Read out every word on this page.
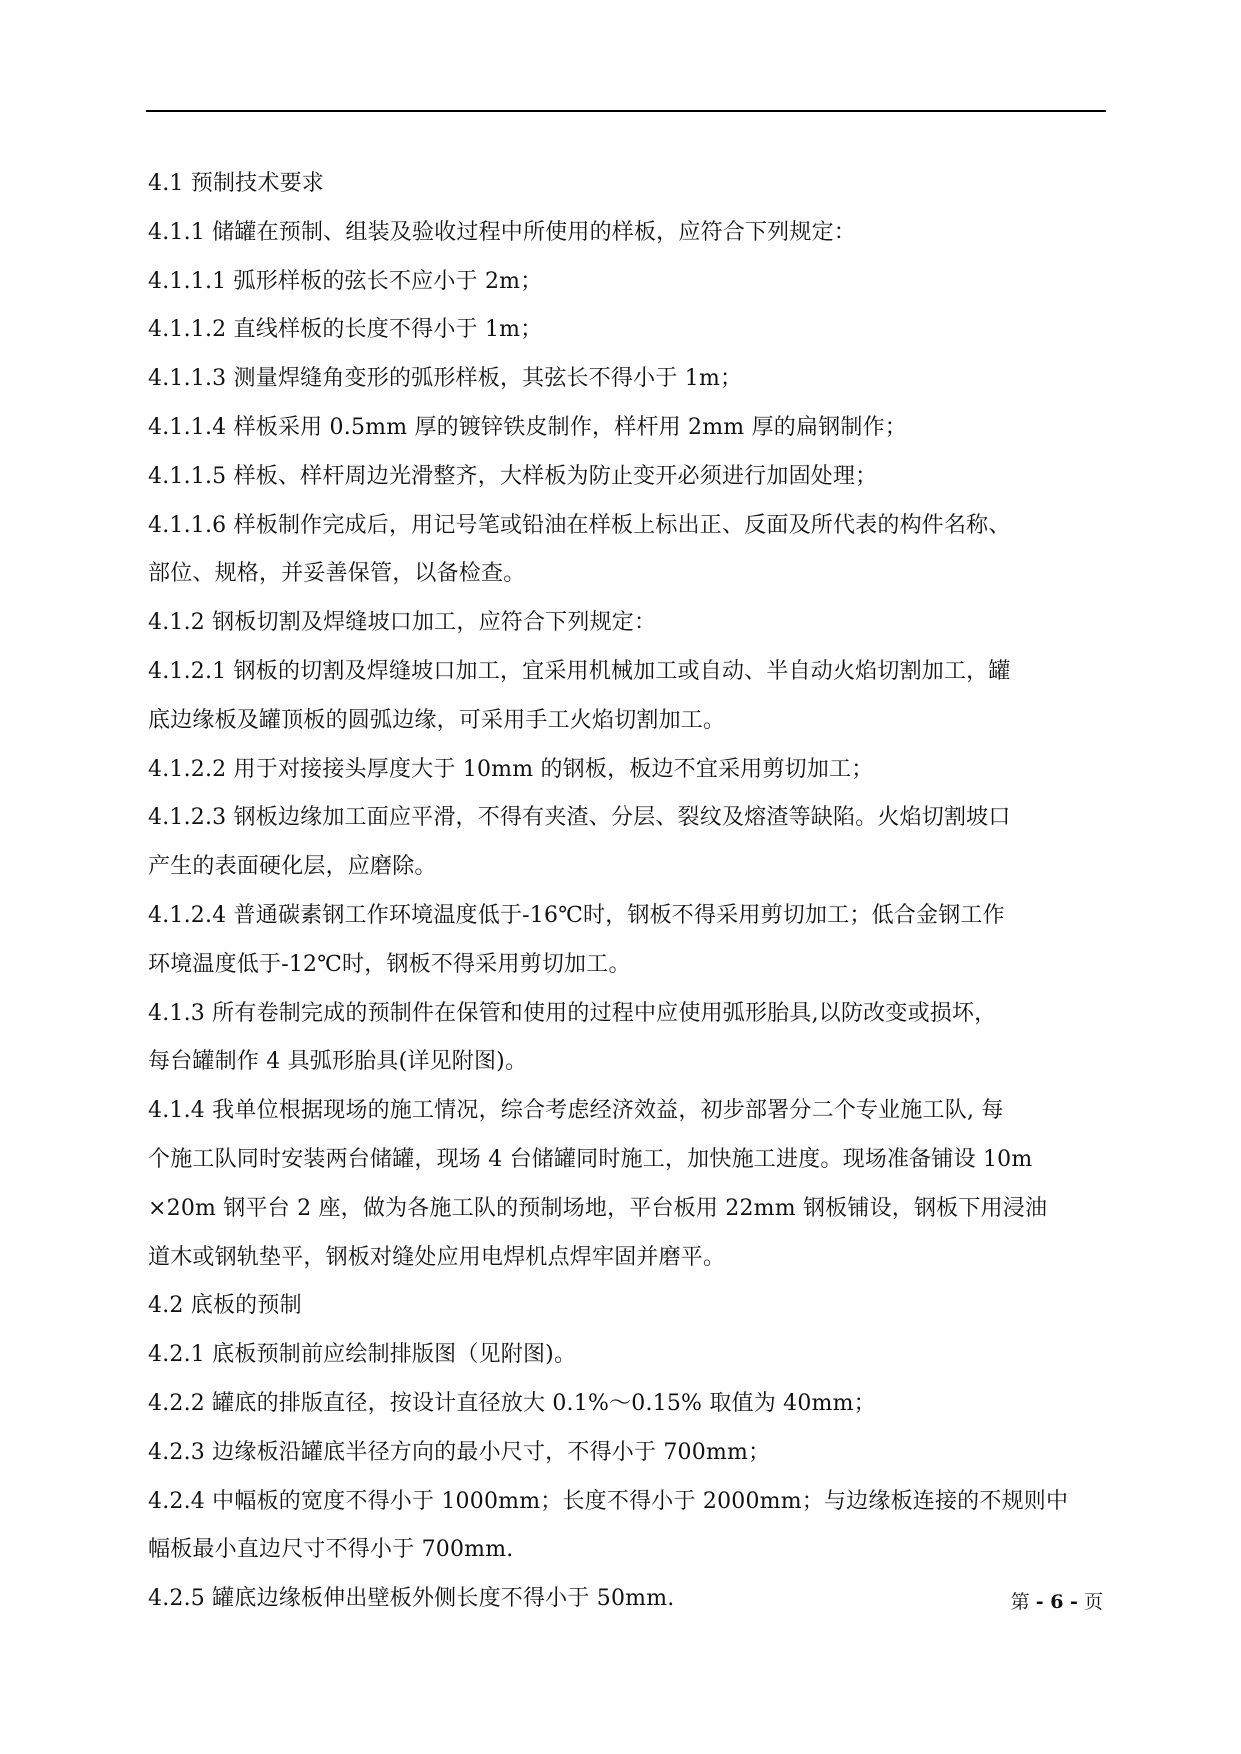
4.1 预制技术要求
4.1.1 储罐在预制、组装及验收过程中所使用的样板，应符合下列规定：
4.1.1.1 弧形样板的弦长不应小于 2m；
4.1.1.2 直线样板的长度不得小于 1m；
4.1.1.3 测量焊缝角变形的弧形样板，其弦长不得小于 1m；
4.1.1.4 样板采用 0.5mm 厚的镀锌铁皮制作，样杆用 2mm 厚的扁钢制作；
4.1.1.5 样板、样杆周边光滑整齐，大样板为防止变开必须进行加固处理；
4.1.1.6 样板制作完成后，用记号笔或铅油在样板上标出正、反面及所代表的构件名称、
部位、规格，并妥善保管，以备检查。
4.1.2 钢板切割及焊缝坡口加工，应符合下列规定：
4.1.2.1 钢板的切割及焊缝坡口加工，宜采用机械加工或自动、半自动火焰切割加工，罐
底边缘板及罐顶板的圆弧边缘，可采用手工火焰切割加工。
4.1.2.2 用于对接接头厚度大于 10mm 的钢板，板边不宜采用剪切加工；
4.1.2.3 钢板边缘加工面应平滑，不得有夹渣、分层、裂纹及熔渣等缺陷。火焰切割坡口
产生的表面硬化层，应磨除。
4.1.2.4 普通碳素钢工作环境温度低于-16℃时，钢板不得采用剪切加工；低合金钢工作
环境温度低于-12℃时，钢板不得采用剪切加工。
4.1.3 所有卷制完成的预制件在保管和使用的过程中应使用弧形胎具,以防改变或损坏，
每台罐制作 4 具弧形胎具(详见附图)。
4.1.4 我单位根据现场的施工情况，综合考虑经济效益，初步部署分二个专业施工队, 每
个施工队同时安装两台储罐，现场 4 台储罐同时施工，加快施工进度。现场准备铺设 10m
×20m 钢平台 2 座，做为各施工队的预制场地，平台板用 22mm 钢板铺设，钢板下用浸油
道木或钢轨垫平，钢板对缝处应用电焊机点焊牢固并磨平。
4.2 底板的预制
4.2.1 底板预制前应绘制排版图（见附图)。
4.2.2 罐底的排版直径，按设计直径放大 0.1%～0.15% 取值为 40mm；
4.2.3 边缘板沿罐底半径方向的最小尺寸，不得小于 700mm；
4.2.4 中幅板的宽度不得小于 1000mm；长度不得小于 2000mm；与边缘板连接的不规则中
幅板最小直边尺寸不得小于 700mm.
4.2.5 罐底边缘板伸出壁板外侧长度不得小于 50mm.	第 - 6 - 页
